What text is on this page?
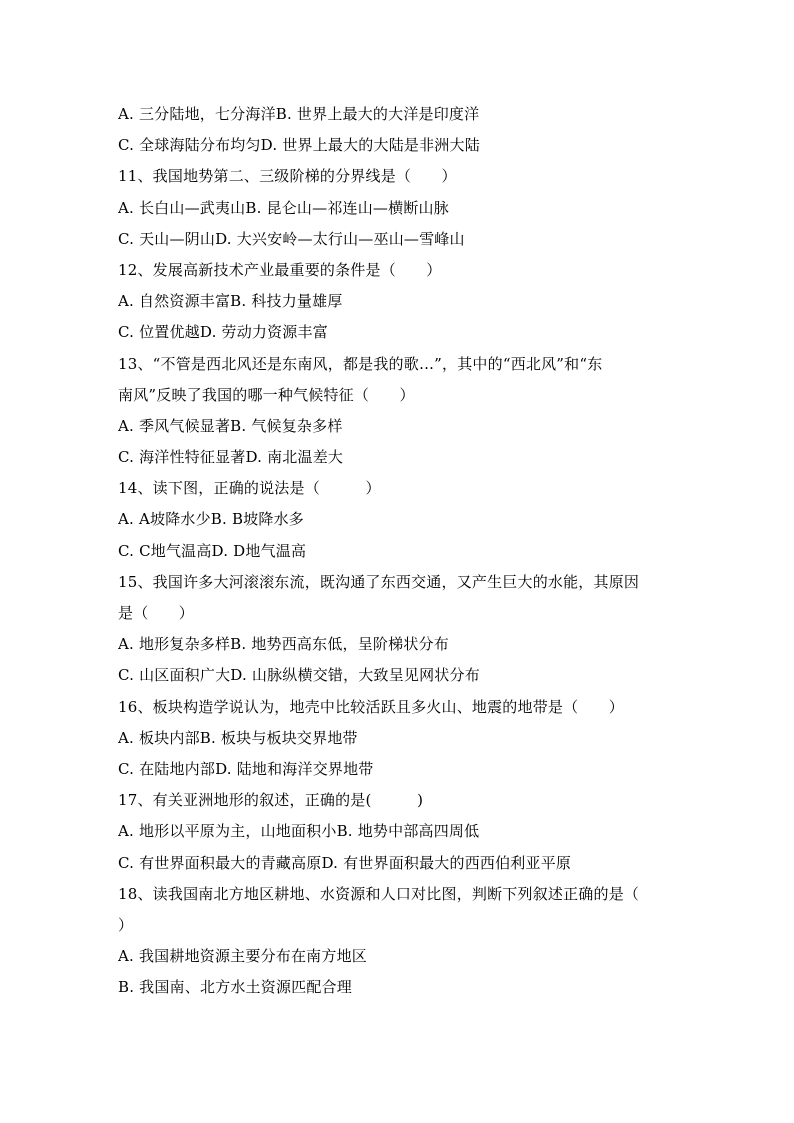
A. 三分陆地，七分海洋B. 世界上最大的大洋是印度洋
C. 全球海陆分布均匀D. 世界上最大的大陆是非洲大陆
11、我国地势第二、三级阶梯的分界线是（　　）
A. 长白山—武夷山B. 昆仑山—祁连山—横断山脉
C. 天山—阴山D. 大兴安岭—太行山—巫山—雪峰山
12、发展高新技术产业最重要的条件是（　　）
A. 自然资源丰富B. 科技力量雄厚
C. 位置优越D. 劳动力资源丰富
13、“不管是西北风还是东南风，都是我的歌…”，其中的“西北风”和“东
南风”反映了我国的哪一种气候特征（　　）
A. 季风气候显著B. 气候复杂多样
C. 海洋性特征显著D. 南北温差大
14、读下图，正确的说法是（　　　）
A. A坡降水少B. B坡降水多
C. C地气温高D. D地气温高
15、我国许多大河滚滚东流，既沟通了东西交通，又产生巨大的水能，其原因
是（　　）
A. 地形复杂多样B. 地势西高东低，呈阶梯状分布
C. 山区面积广大D. 山脉纵横交错，大致呈见网状分布
16、板块构造学说认为，地壳中比较活跃且多火山、地震的地带是（　　）
A. 板块内部B. 板块与板块交界地带
C. 在陆地内部D. 陆地和海洋交界地带
17、有关亚洲地形的叙述，正确的是(　　　)
A. 地形以平原为主，山地面积小B. 地势中部高四周低
C. 有世界面积最大的青藏高原D. 有世界面积最大的西西伯利亚平原
18、读我国南北方地区耕地、水资源和人口对比图，判断下列叙述正确的是（
）
A. 我国耕地资源主要分布在南方地区
B. 我国南、北方水土资源匹配合理
